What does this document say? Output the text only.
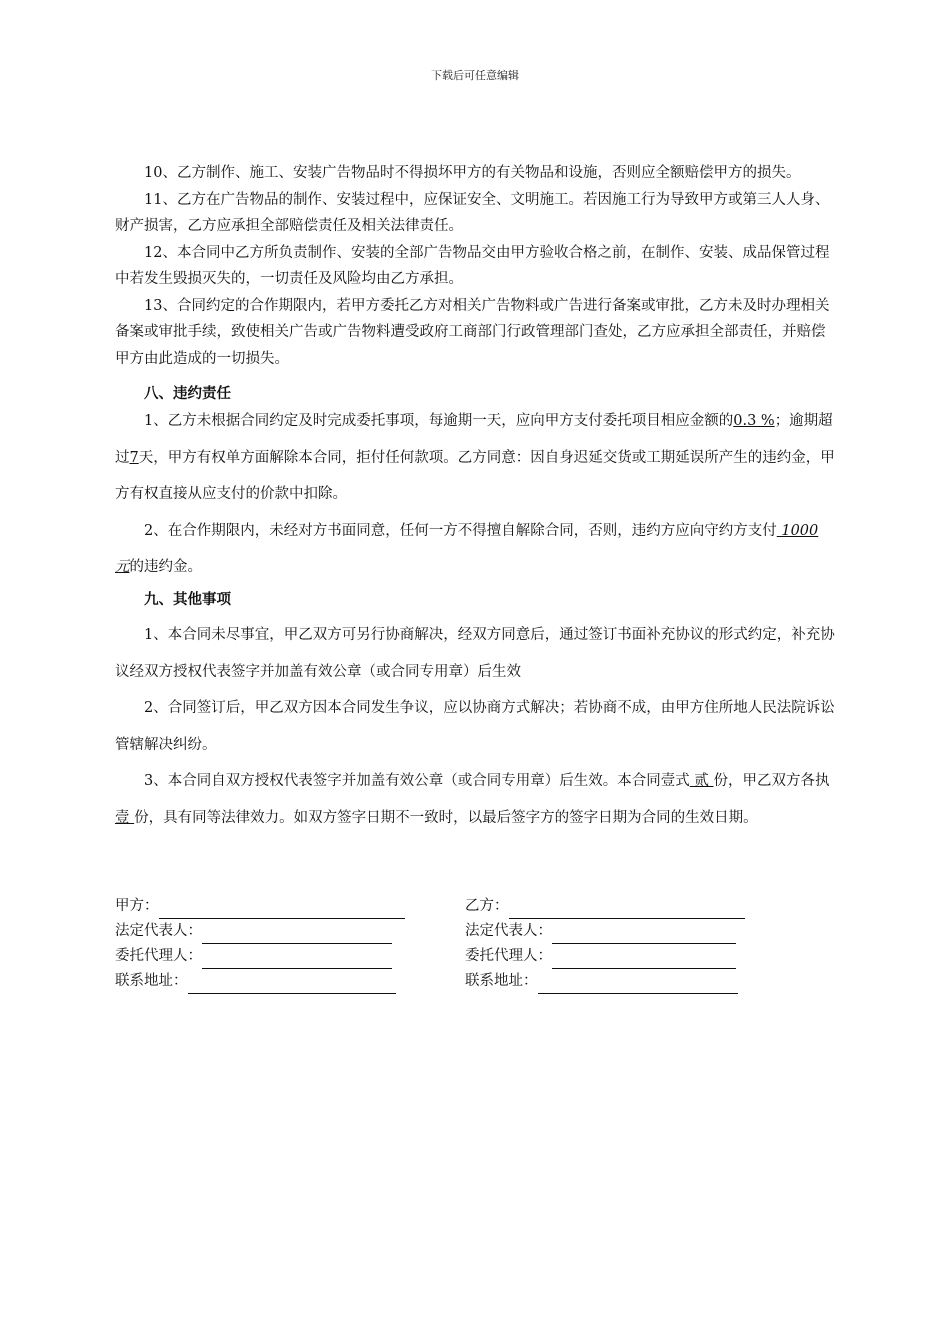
下载后可任意编辑

10、乙方制作、施工、安装广告物品时不得损坏甲方的有关物品和设施，否则应全额赔偿甲方的损失。

11、乙方在广告物品的制作、安装过程中，应保证安全、文明施工。若因施工行为导致甲方或第三人人身、财产损害，乙方应承担全部赔偿责任及相关法律责任。

12、本合同中乙方所负责制作、安装的全部广告物品交由甲方验收合格之前，在制作、安装、成品保管过程中若发生毁损灭失的，一切责任及风险均由乙方承担。

13、合同约定的合作期限内，若甲方委托乙方对相关广告物料或广告进行备案或审批，乙方未及时办理相关备案或审批手续，致使相关广告或广告物料遭受政府工商部门行政管理部门查处，乙方应承担全部责任，并赔偿甲方由此造成的一切损失。

八、违约责任

1、乙方未根据合同约定及时完成委托事项，每逾期一天，应向甲方支付委托项目相应金额的0.3 %；逾期超过7天，甲方有权单方面解除本合同，拒付任何款项。乙方同意：因自身迟延交货或工期延误所产生的违约金，甲方有权直接从应支付的价款中扣除。

2、在合作期限内，未经对方书面同意，任何一方不得擅自解除合同，否则，违约方应向守约方支付 1000 元的违约金。

九、其他事项

1、本合同未尽事宜，甲乙双方可另行协商解决，经双方同意后，通过签订书面补充协议的形式约定，补充协议经双方授权代表签字并加盖有效公章（或合同专用章）后生效

2、合同签订后，甲乙双方因本合同发生争议，应以协商方式解决；若协商不成，由甲方住所地人民法院诉讼管辖解决纠纷。

3、本合同自双方授权代表签字并加盖有效公章（或合同专用章）后生效。本合同壹式 贰 份，甲乙双方各执 壹 份，具有同等法律效力。如双方签字日期不一致时，以最后签字方的签字日期为合同的生效日期。

甲方：	乙方：
法定代表人：	法定代表人：
委托代理人：	委托代理人：
联系地址：	联系地址：
